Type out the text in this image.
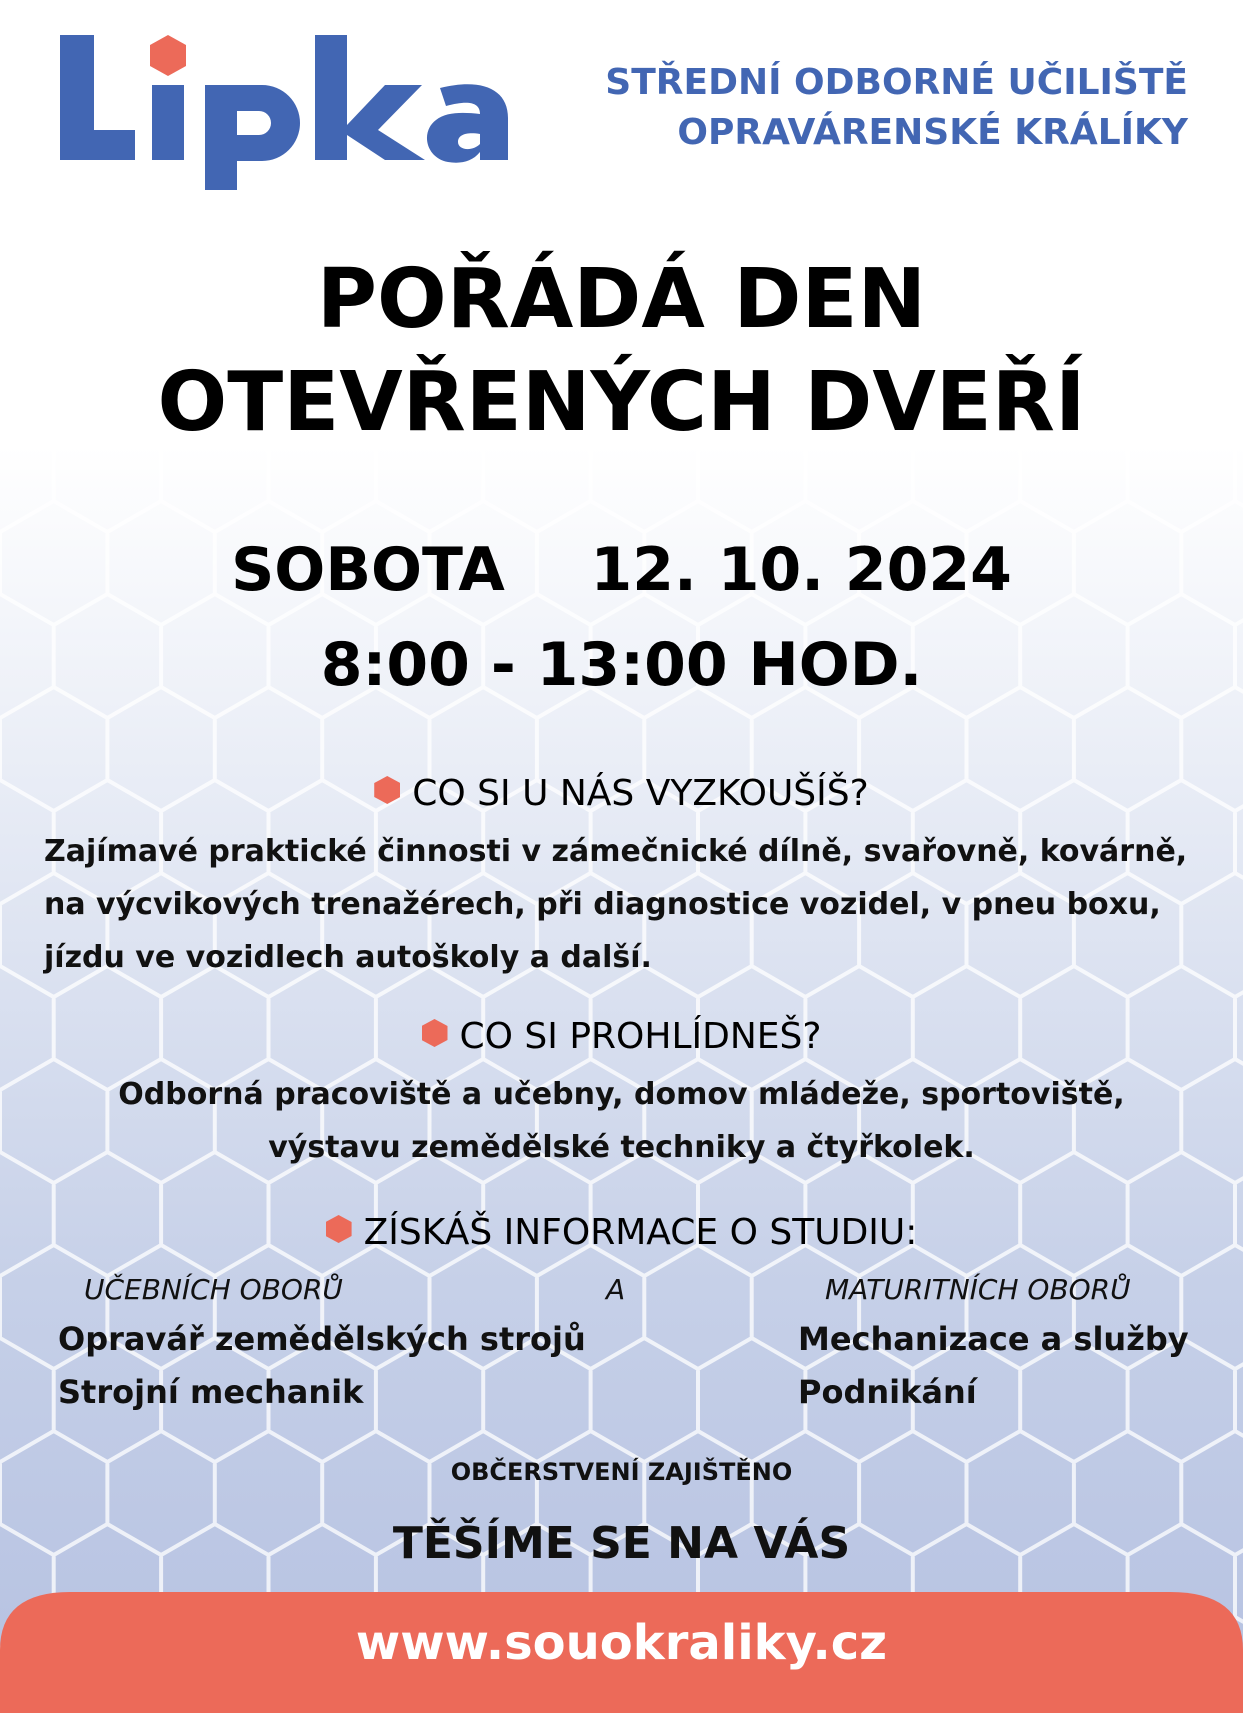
STŘEDNÍ ODBORNÉ UČILIŠTĚ
OPRAVÁRENSKÉ KRÁLÍKY
POŘÁDÁ DEN
OTEVŘENÝCH DVEŘÍ
SOBOTA 12. 10. 2024
8:00 - 13:00 HOD.
CO SI U NÁS VYZKOUŠÍŠ?
Zajímavé praktické činnosti v zámečnické dílně, svařovně, kovárně,
na výcvikových trenažérech, při diagnostice vozidel, v pneu boxu,
jízdu ve vozidlech autoškoly a další.
CO SI PROHLÍDNEŠ?
Odborná pracoviště a učebny, domov mládeže, sportoviště,
výstavu zemědělské techniky a čtyřkolek.
ZÍSKÁŠ INFORMACE O STUDIU:
UČEBNÍCH OBORŮ	A	MATURITNÍCH OBORŮ
Opravář zemědělských strojů
Strojní mechanik
Mechanizace a služby
Podnikání
OBČERSTVENÍ ZAJIŠTĚNO
TĚŠÍME SE NA VÁS
www.souokraliky.cz
